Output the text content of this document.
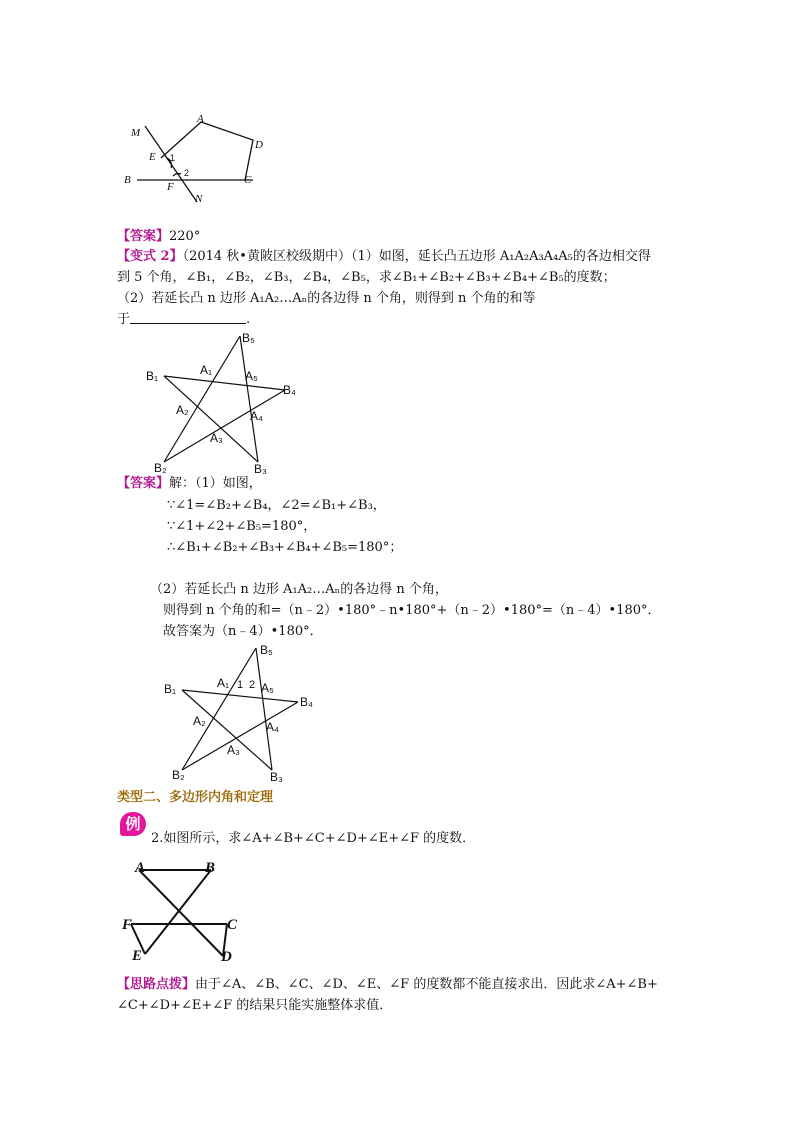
M
A
D
E 1
2
B
F
C
N
【答案】220°
【变式 2】（2014 秋•黄陂区校级期中）（1）如图，延长凸五边形 A₁A₂A₃A₄A₅的各边相交得
到 5 个角，∠B₁，∠B₂，∠B₃，∠B₄，∠B₅，求∠B₁+∠B₂+∠B₃+∠B₄+∠B₅的度数；
（2）若延长凸 n 边形 A₁A₂…Aₙ的各边得 n 个角，则得到 n 个角的和等
于	.
B₅
B₁	A₁	A₅
B₄
A₂	A₄
A₃
B₂	B₃
【答案】解：（1）如图，
∵∠1=∠B₂+∠B₄，∠2=∠B₁+∠B₃，
∵∠1+∠2+∠B₅=180°，
∴∠B₁+∠B₂+∠B₃+∠B₄+∠B₅=180°；
（2）若延长凸 n 边形 A₁A₂…Aₙ的各边得 n 个角，
则得到 n 个角的和=（n﹣2）•180°﹣n•180°+（n﹣2）•180°=（n﹣4）•180°．
故答案为（n﹣4）•180°．
B₅
B₁	A₁ 1 2 A₅
B₄
A₂	A₄
A₃
B₂	B₃
类型二、多边形内角和定理
例
2.如图所示，求∠A+∠B+∠C+∠D+∠E+∠F 的度数．
A	B
F	C
E	D
【思路点拨】由于∠A、∠B、∠C、∠D、∠E、∠F 的度数都不能直接求出．因此求∠A+∠B+
∠C+∠D+∠E+∠F 的结果只能实施整体求值．
